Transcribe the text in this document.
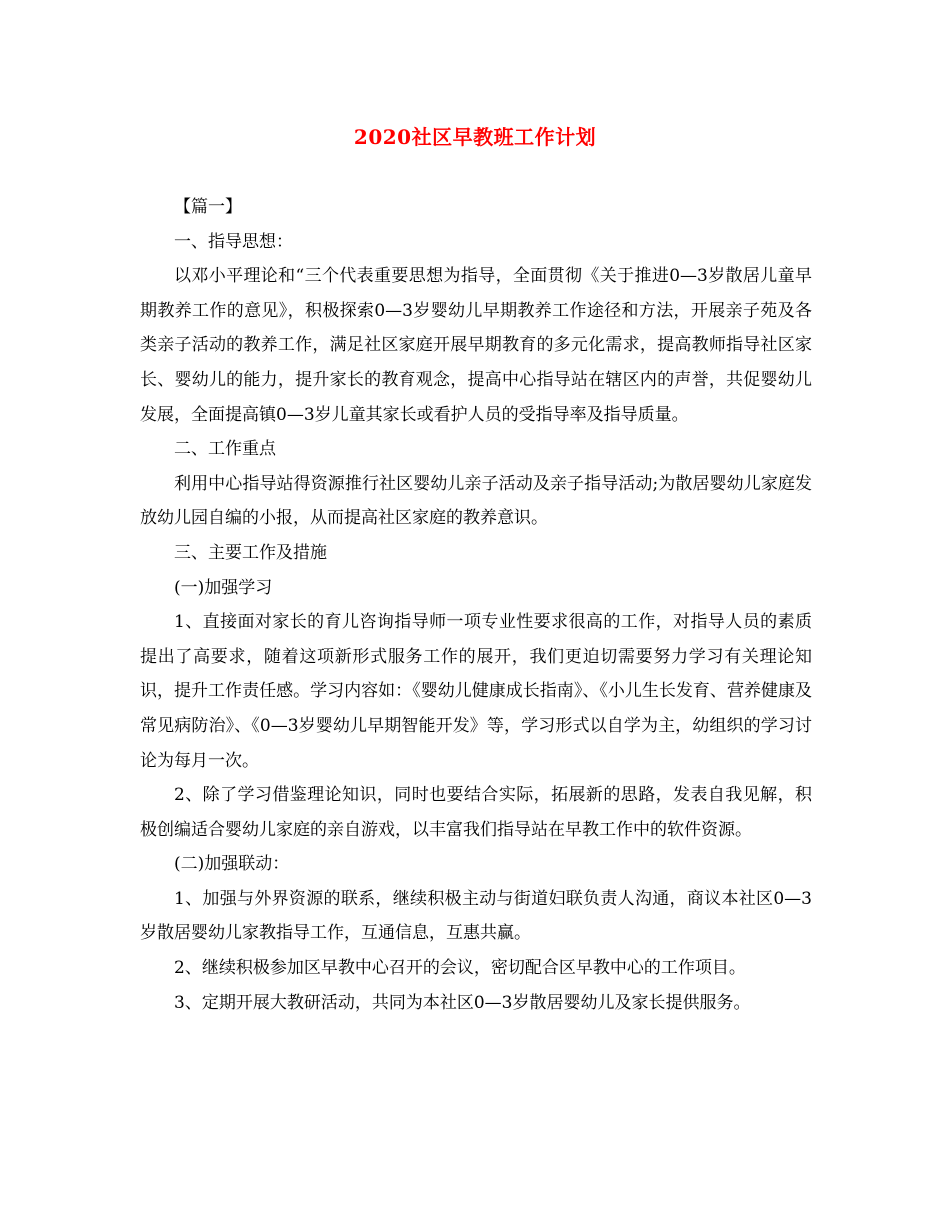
2020社区早教班工作计划

【篇一】

一、指导思想：

以邓小平理论和“三个代表重要思想为指导，全面贯彻《关于推进0—3岁散居儿童早期教养工作的意见》，积极探索0—3岁婴幼儿早期教养工作途径和方法，开展亲子苑及各类亲子活动的教养工作，满足社区家庭开展早期教育的多元化需求，提高教师指导社区家长、婴幼儿的能力，提升家长的教育观念，提高中心指导站在辖区内的声誉，共促婴幼儿发展，全面提高镇0—3岁儿童其家长或看护人员的受指导率及指导质量。

二、工作重点

利用中心指导站得资源推行社区婴幼儿亲子活动及亲子指导活动;为散居婴幼儿家庭发放幼儿园自编的小报，从而提高社区家庭的教养意识。

三、主要工作及措施

(一)加强学习

1、直接面对家长的育儿咨询指导师一项专业性要求很高的工作，对指导人员的素质提出了高要求，随着这项新形式服务工作的展开，我们更迫切需要努力学习有关理论知识，提升工作责任感。学习内容如：《婴幼儿健康成长指南》、《小儿生长发育、营养健康及常见病防治》、《0—3岁婴幼儿早期智能开发》等，学习形式以自学为主，幼组织的学习讨论为每月一次。

2、除了学习借鉴理论知识，同时也要结合实际，拓展新的思路，发表自我见解，积极创编适合婴幼儿家庭的亲自游戏，以丰富我们指导站在早教工作中的软件资源。

(二)加强联动：

1、加强与外界资源的联系，继续积极主动与街道妇联负责人沟通，商议本社区0—3岁散居婴幼儿家教指导工作，互通信息，互惠共赢。

2、继续积极参加区早教中心召开的会议，密切配合区早教中心的工作项目。

3、定期开展大教研活动，共同为本社区0—3岁散居婴幼儿及家长提供服务。
